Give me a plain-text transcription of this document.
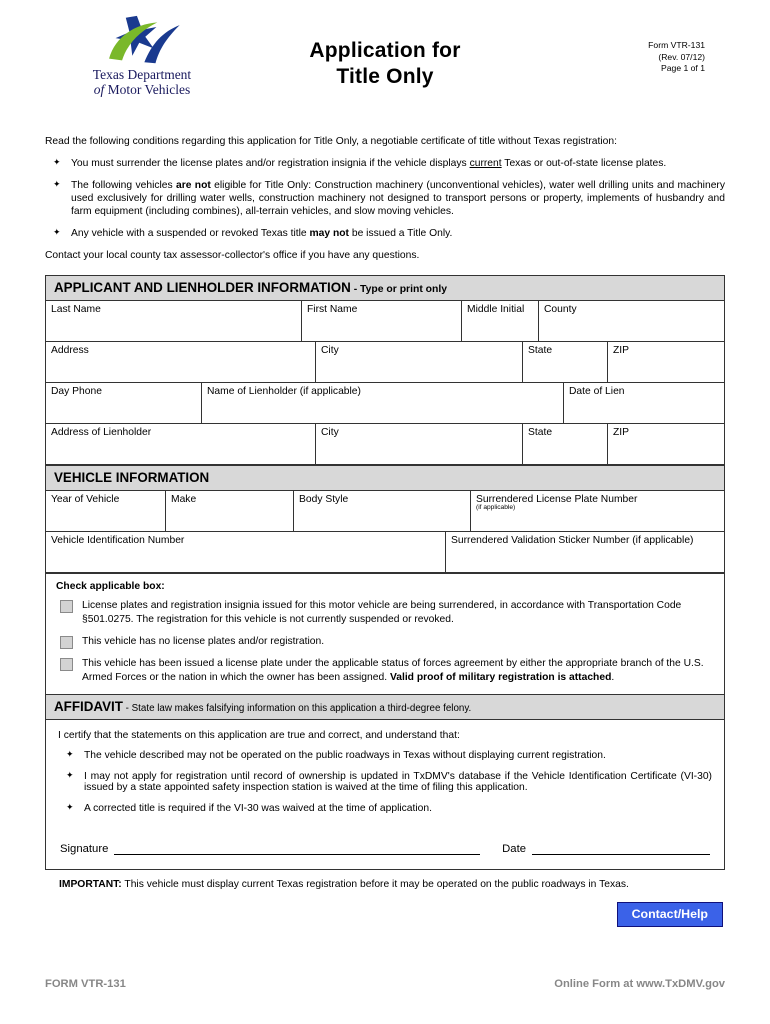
Texas Department
of Motor Vehicles
Application for
Title Only
Form VTR-131
(Rev. 07/12)
Page 1 of 1

Read the following conditions regarding this application for Title Only, a negotiable certificate of title without Texas registration:

✦ You must surrender the license plates and/or registration insignia if the vehicle displays current Texas or out-of-state license plates.
✦ The following vehicles are not eligible for Title Only: Construction machinery (unconventional vehicles), water well drilling units and machinery used exclusively for drilling water wells, construction machinery not designed to transport persons or property, implements of husbandry and farm equipment (including combines), all-terrain vehicles, and slow moving vehicles.
✦ Any vehicle with a suspended or revoked Texas title may not be issued a Title Only.

Contact your local county tax assessor-collector's office if you have any questions.

APPLICANT AND LIENHOLDER INFORMATION - Type or print only
Last Name	First Name	Middle Initial	County
Address	City	State	ZIP
Day Phone	Name of Lienholder (if applicable)	Date of Lien
Address of Lienholder	City	State	ZIP
VEHICLE INFORMATION
Year of Vehicle	Make	Body Style	Surrendered License Plate Number
(if applicable)
Vehicle Identification Number	Surrendered Validation Sticker Number (if applicable)
Check applicable box:
License plates and registration insignia issued for this motor vehicle are being surrendered, in accordance with Transportation Code §501.0275. The registration for this vehicle is not currently suspended or revoked.
This vehicle has no license plates and/or registration.
This vehicle has been issued a license plate under the applicable status of forces agreement by either the appropriate branch of the U.S. Armed Forces or the nation in which the owner has been assigned. Valid proof of military registration is attached.
AFFIDAVIT - State law makes falsifying information on this application a third-degree felony.

I certify that the statements on this application are true and correct, and understand that:

✦ The vehicle described may not be operated on the public roadways in Texas without displaying current registration.
✦ I may not apply for registration until record of ownership is updated in TxDMV's database if the Vehicle Identification Certificate (VI-30) issued by a state appointed safety inspection station is waived at the time of filing this application.
✦ A corrected title is required if the VI-30 was waived at the time of application.
Signature	Date
IMPORTANT: This vehicle must display current Texas registration before it may be operated on the public roadways in Texas.
Contact/Help
FORM VTR-131	Online Form at www.TxDMV.gov
